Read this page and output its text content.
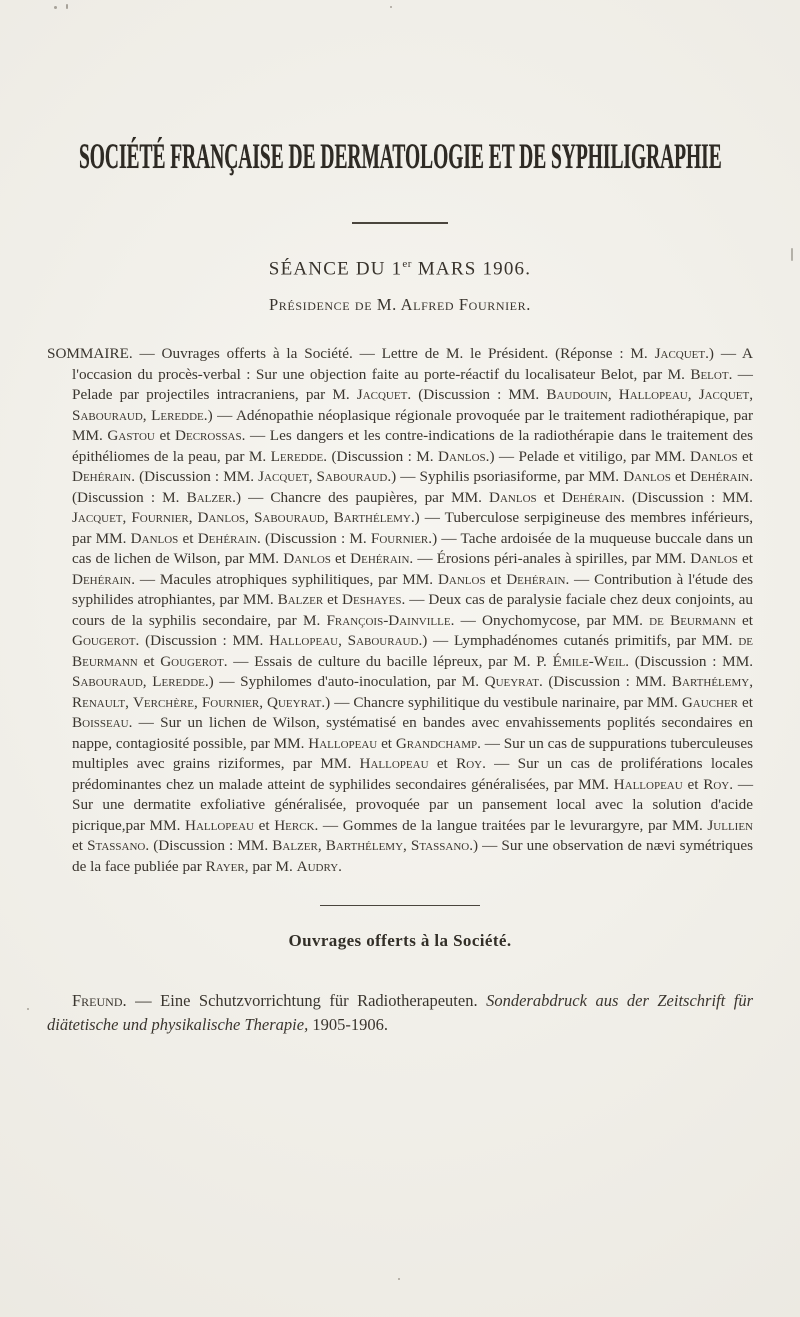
SOCIÉTÉ FRANÇAISE DE DERMATOLOGIE ET DE SYPHILIGRAPHIE
SÉANCE DU 1er MARS 1906.
Présidence de M. Alfred Fournier.

SOMMAIRE. — Ouvrages offerts à la Société. — Lettre de M. le Président. (Réponse : M. Jacquet.) — A l'occasion du procès-verbal : Sur une objection faite au porte-réactif du localisateur Belot, par M. Belot. — Pelade par projectiles intracraniens, par M. Jacquet. (Discussion : MM. Baudouin, Hallopeau, Jacquet, Sabouraud, Leredde.) — Adénopathie néoplasique régionale provoquée par le traitement radiothérapique, par MM. Gastou et Decrossas. — Les dangers et les contre-indications de la radiothérapie dans le traitement des épithéliomes de la peau, par M. Leredde. (Discussion : M. Danlos.) — Pelade et vitiligo, par MM. Danlos et Dehérain. (Discussion : MM. Jacquet, Sabouraud.) — Syphilis psoriasiforme, par MM. Danlos et Dehérain. (Discussion : M. Balzer.) — Chancre des paupières, par MM. Danlos et Dehérain. (Discussion : MM. Jacquet, Fournier, Danlos, Sabouraud, Barthélemy.) — Tuberculose serpigineuse des membres inférieurs, par MM. Danlos et Dehérain. (Discussion : M. Fournier.) — Tache ardoisée de la muqueuse buccale dans un cas de lichen de Wilson, par MM. Danlos et Dehérain. — Érosions péri-anales à spirilles, par MM. Danlos et Dehérain. — Macules atrophiques syphilitiques, par MM. Danlos et Dehérain. — Contribution à l'étude des syphilides atrophiantes, par MM. Balzer et Deshayes. — Deux cas de paralysie faciale chez deux conjoints, au cours de la syphilis secondaire, par M. François-Dainville. — Onychomycose, par MM. de Beurmann et Gougerot. (Discussion : MM. Hallopeau, Sabouraud.) — Lymphadénomes cutanés primitifs, par MM. de Beurmann et Gougerot. — Essais de culture du bacille lépreux, par M. P. Émile-Weil. (Discussion : MM. Sabouraud, Leredde.) — Syphilomes d'auto-inoculation, par M. Queyrat. (Discussion : MM. Barthélemy, Renault, Verchère, Fournier, Queyrat.) — Chancre syphilitique du vestibule narinaire, par MM. Gaucher et Boisseau. — Sur un lichen de Wilson, systématisé en bandes avec envahissements poplités secondaires en nappe, contagiosité possible, par MM. Hallopeau et Grandchamp. — Sur un cas de suppurations tuberculeuses multiples avec grains riziformes, par MM. Hallopeau et Roy. — Sur un cas de proliférations locales prédominantes chez un malade atteint de syphilides secondaires généralisées, par MM. Hallopeau et Roy. — Sur une dermatite exfoliative généralisée, provoquée par un pansement local avec la solution d'acide picrique,par MM. Hallopeau et Herck. — Gommes de la langue traitées par le levurargyre, par MM. Jullien et Stassano. (Discussion : MM. Balzer, Barthélemy, Stassano.) — Sur une observation de nævi symétriques de la face publiée par Rayer, par M. Audry.

Ouvrages offerts à la Société.

Freund. — Eine Schutzvorrichtung für Radiotherapeuten. Sonderabdruck aus der Zeitschrift für diätetische und physikalische Therapie, 1905-1906.
